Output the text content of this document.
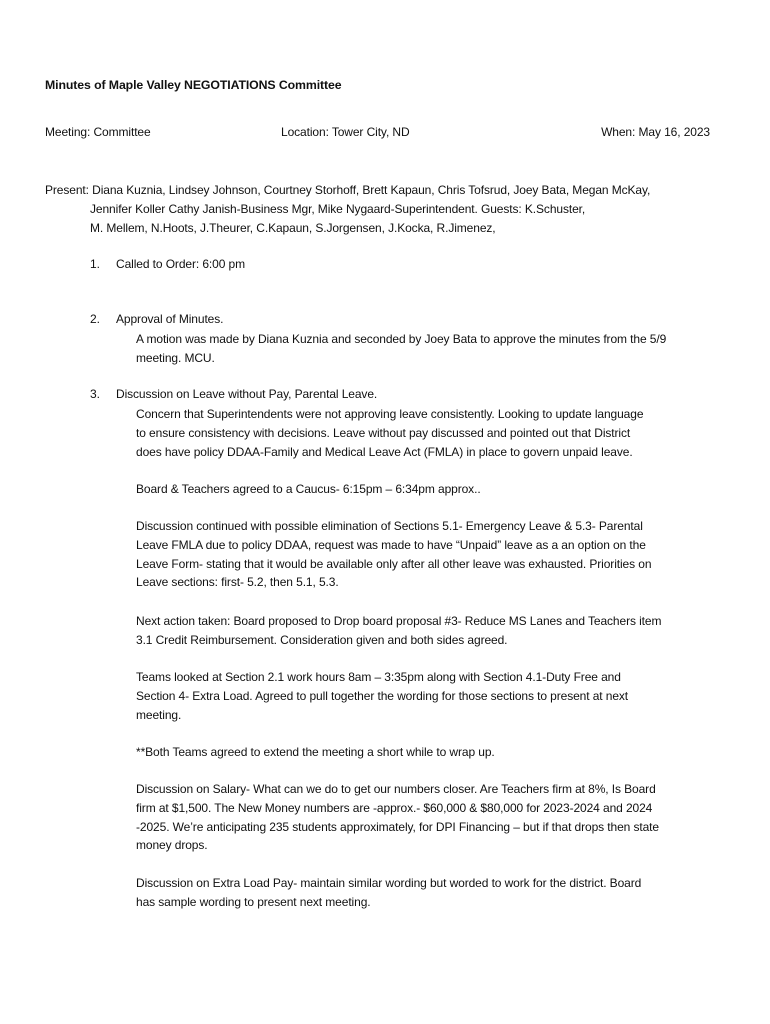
Minutes of Maple Valley NEGOTIATIONS Committee
Meeting: Committee	Location: Tower City, ND	When: May 16, 2023
Present: Diana Kuznia, Lindsey Johnson, Courtney Storhoff, Brett Kapaun, Chris Tofsrud, Joey Bata, Megan McKay,
Jennifer Koller Cathy Janish-Business Mgr, Mike Nygaard-Superintendent. Guests: K.Schuster,
M. Mellem, N.Hoots, J.Theurer, C.Kapaun, S.Jorgensen, J.Kocka, R.Jimenez,
1. Called to Order: 6:00 pm
2. Approval of Minutes.
A motion was made by Diana Kuznia and seconded by Joey Bata to approve the minutes from the 5/9
meeting. MCU.
3. Discussion on Leave without Pay, Parental Leave.
Concern that Superintendents were not approving leave consistently. Looking to update language
to ensure consistency with decisions. Leave without pay discussed and pointed out that District
does have policy DDAA-Family and Medical Leave Act (FMLA) in place to govern unpaid leave.
Board & Teachers agreed to a Caucus- 6:15pm – 6:34pm approx..
Discussion continued with possible elimination of Sections 5.1- Emergency Leave & 5.3- Parental
Leave FMLA due to policy DDAA, request was made to have “Unpaid” leave as a an option on the
Leave Form- stating that it would be available only after all other leave was exhausted. Priorities on
Leave sections: first- 5.2, then 5.1, 5.3.
Next action taken: Board proposed to Drop board proposal #3- Reduce MS Lanes and Teachers item
3.1 Credit Reimbursement. Consideration given and both sides agreed.
Teams looked at Section 2.1 work hours 8am – 3:35pm along with Section 4.1-Duty Free and
Section 4- Extra Load. Agreed to pull together the wording for those sections to present at next
meeting.
**Both Teams agreed to extend the meeting a short while to wrap up.
Discussion on Salary- What can we do to get our numbers closer. Are Teachers firm at 8%, Is Board
firm at $1,500. The New Money numbers are -approx.- $60,000 & $80,000 for 2023-2024 and 2024
-2025. We’re anticipating 235 students approximately, for DPI Financing – but if that drops then state
money drops.
Discussion on Extra Load Pay- maintain similar wording but worded to work for the district. Board
has sample wording to present next meeting.
